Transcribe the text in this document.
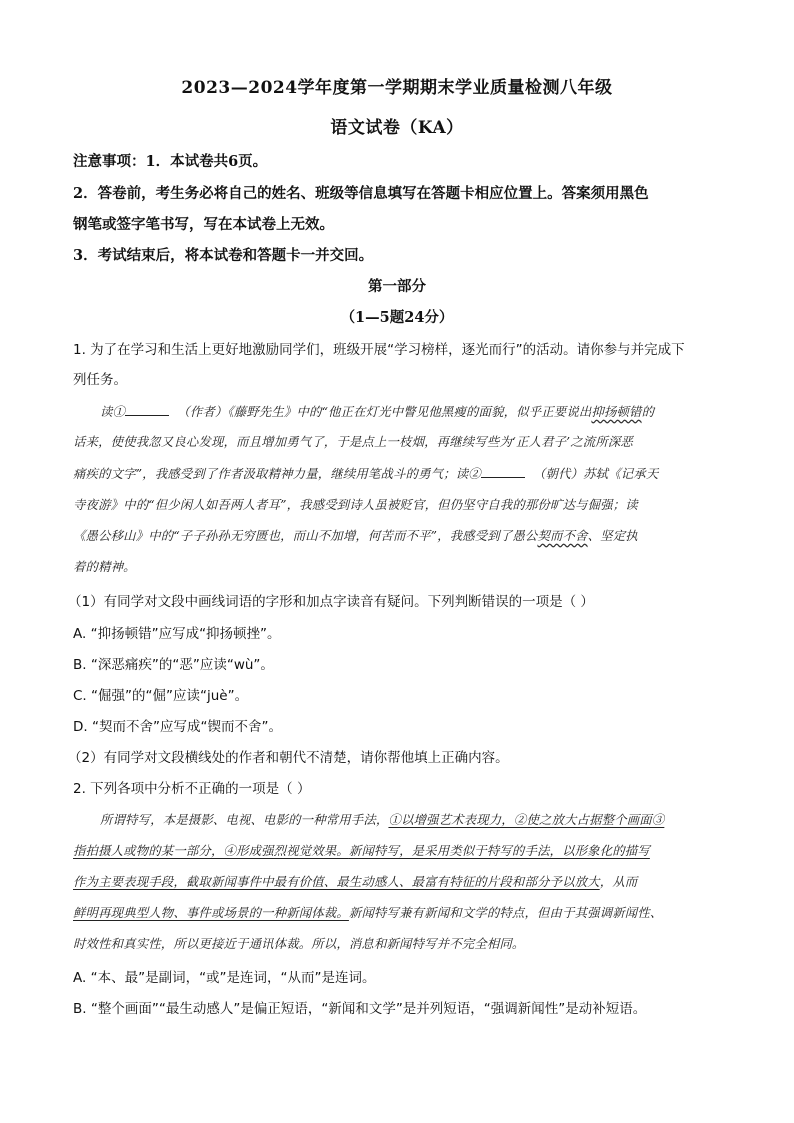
2023—2024学年度第一学期期末学业质量检测八年级
语文试卷（KA）
注意事项：1．本试卷共6页。
2．答卷前，考生务必将自己的姓名、班级等信息填写在答题卡相应位置上。答案须用黑色
钢笔或签字笔书写，写在本试卷上无效。
3．考试结束后，将本试卷和答题卡一并交回。
第一部分
（1—5题24分）
1. 为了在学习和生活上更好地激励同学们，班级开展“学习榜样，逐光而行”的活动。请你参与并完成下
列任务。
读①	（作者）《藤野先生》中的“他正在灯光中瞥见他黑瘦的面貌，似乎正要说出抑扬顿错的
话来，使使我忽又良心发现，而且增加勇气了，于是点上一枝烟，再继续写些为‘正人君子’之流所深恶
痛疾的文字”，我感受到了作者汲取精神力量，继续用笔战斗的勇气；读②	（朝代）苏轼《记承天
寺夜游》中的“但少闲人如吾两人者耳”，我感受到诗人虽被贬官，但仍坚守自我的那份旷达与倔强；读
《愚公移山》中的“子子孙孙无穷匮也，而山不加增，何苦而不平”，我感受到了愚公契而不舍、坚定执
着的精神。
（1）有同学对文段中画线词语的字形和加点字读音有疑问。下列判断错误的一项是（ ）
A. “抑扬顿错”应写成“抑扬顿挫”。
B. “深恶痛疾”的“恶”应读“wù”。
C. “倔强”的“倔”应读“juè”。
D. “契而不舍”应写成“锲而不舍”。
（2）有同学对文段横线处的作者和朝代不清楚，请你帮他填上正确内容。
2. 下列各项中分析不正确的一项是（ ）
所谓特写，本是摄影、电视、电影的一种常用手法，①以增强艺术表现力，②使之放大占据整个画面③
指拍摄人或物的某一部分，④形成强烈视觉效果。新闻特写，是采用类似于特写的手法，以形象化的描写
作为主要表现手段，截取新闻事件中最有价值、最生动感人、最富有特征的片段和部分予以放大，从而
鲜明再现典型人物、事件或场景的一种新闻体裁。新闻特写兼有新闻和文学的特点，但由于其强调新闻性、
时效性和真实性，所以更接近于通讯体裁。所以，消息和新闻特写并不完全相同。
A. “本、最”是副词，“或”是连词，“从而”是连词。
B. “整个画面”“最生动感人”是偏正短语，“新闻和文学”是并列短语，“强调新闻性”是动补短语。
